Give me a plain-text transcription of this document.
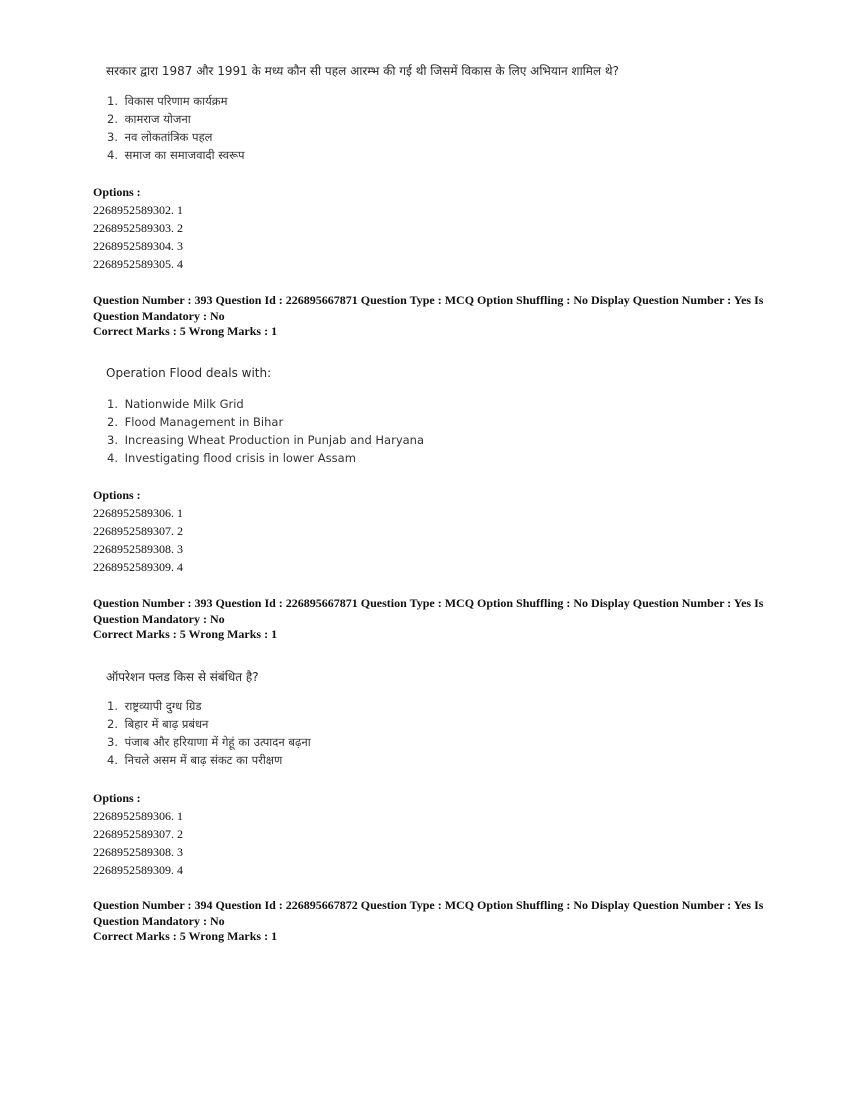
सरकार द्वारा 1987 और 1991 के मध्य कौन सी पहल आरम्भ की गई थी जिसमें विकास के लिए अभियान शामिल थे?
1. विकास परिणाम कार्यक्रम
2. कामराज योजना
3. नव लोकतांत्रिक पहल
4. समाज का समाजवादी स्वरूप
Options :
2268952589302. 1
2268952589303. 2
2268952589304. 3
2268952589305. 4
Question Number : 393 Question Id : 226895667871 Question Type : MCQ Option Shuffling : No Display Question Number : Yes Is Question Mandatory : No
Correct Marks : 5 Wrong Marks : 1
Operation Flood deals with:
1. Nationwide Milk Grid
2. Flood Management in Bihar
3. Increasing Wheat Production in Punjab and Haryana
4. Investigating flood crisis in lower Assam
Options :
2268952589306. 1
2268952589307. 2
2268952589308. 3
2268952589309. 4
Question Number : 393 Question Id : 226895667871 Question Type : MCQ Option Shuffling : No Display Question Number : Yes Is Question Mandatory : No
Correct Marks : 5 Wrong Marks : 1
ऑपरेशन फ्लड किस से संबंधित है?
1. राष्ट्रव्यापी दुग्ध ग्रिड
2. बिहार में बाढ़ प्रबंधन
3. पंजाब और हरियाणा में गेहूं का उत्पादन बढ़ना
4. निचले असम में बाढ़ संकट का परीक्षण
Options :
2268952589306. 1
2268952589307. 2
2268952589308. 3
2268952589309. 4
Question Number : 394 Question Id : 226895667872 Question Type : MCQ Option Shuffling : No Display Question Number : Yes Is Question Mandatory : No
Correct Marks : 5 Wrong Marks : 1
